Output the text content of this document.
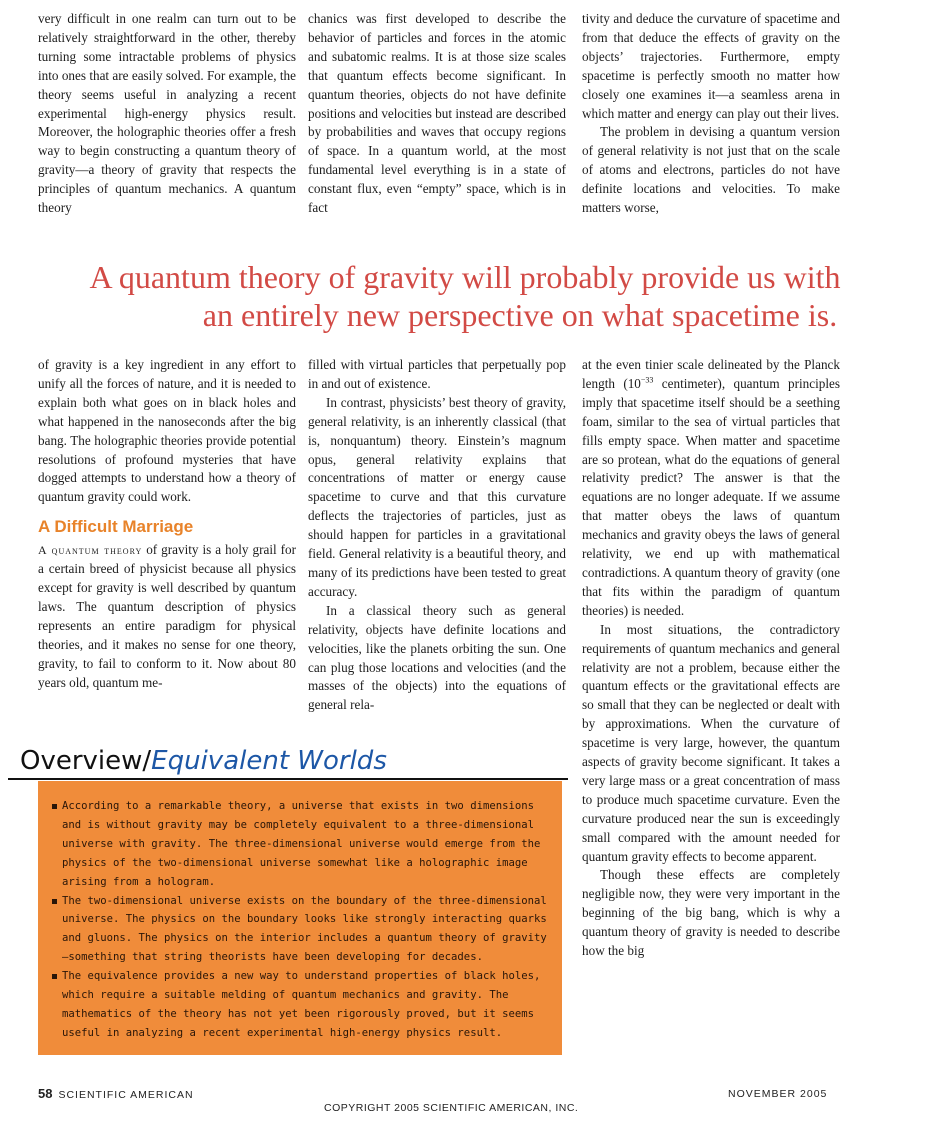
very difficult in one realm can turn out to be relatively straightforward in the other, thereby turning some intractable problems of physics into ones that are easily solved. For example, the theory seems useful in analyzing a recent experimental high-energy physics result. Moreover, the holographic theories offer a fresh way to begin constructing a quantum theory of gravity—a theory of gravity that respects the principles of quantum mechanics. A quantum theory

chanics was first developed to describe the behavior of particles and forces in the atomic and subatomic realms. It is at those size scales that quantum effects become significant. In quantum theories, objects do not have definite positions and velocities but instead are described by probabilities and waves that occupy regions of space. In a quantum world, at the most fundamental level everything is in a state of constant flux, even “empty” space, which is in fact

tivity and deduce the curvature of spacetime and from that deduce the effects of gravity on the objects’ trajectories. Furthermore, empty spacetime is perfectly smooth no matter how closely one examines it—a seamless arena in which matter and energy can play out their lives.

The problem in devising a quantum version of general relativity is not just that on the scale of atoms and electrons, particles do not have definite locations and velocities. To make matters worse,

A quantum theory of gravity will probably provide us with
an entirely new perspective on what spacetime is.

of gravity is a key ingredient in any effort to unify all the forces of nature, and it is needed to explain both what goes on in black holes and what happened in the nanoseconds after the big bang. The holographic theories provide potential resolutions of profound mysteries that have dogged attempts to understand how a theory of quantum gravity could work.

A Difficult Marriage

A quantum theory of gravity is a holy grail for a certain breed of physicist because all physics except for gravity is well described by quantum laws. The quantum description of physics represents an entire paradigm for physical theories, and it makes no sense for one theory, gravity, to fail to conform to it. Now about 80 years old, quantum me-

filled with virtual particles that perpetually pop in and out of existence.

In contrast, physicists’ best theory of gravity, general relativity, is an inherently classical (that is, nonquantum) theory. Einstein’s magnum opus, general relativity explains that concentrations of matter or energy cause spacetime to curve and that this curvature deflects the trajectories of particles, just as should happen for particles in a gravitational field. General relativity is a beautiful theory, and many of its predictions have been tested to great accuracy.

In a classical theory such as general relativity, objects have definite locations and velocities, like the planets orbiting the sun. One can plug those locations and velocities (and the masses of the objects) into the equations of general rela-

at the even tinier scale delineated by the Planck length ($10^{-33}$ centimeter), quantum principles imply that spacetime itself should be a seething foam, similar to the sea of virtual particles that fills empty space. When matter and spacetime are so protean, what do the equations of general relativity predict? The answer is that the equations are no longer adequate. If we assume that matter obeys the laws of quantum mechanics and gravity obeys the laws of general relativity, we end up with mathematical contradictions. A quantum theory of gravity (one that fits within the paradigm of quantum theories) is needed.

In most situations, the contradictory requirements of quantum mechanics and general relativity are not a problem, because either the quantum effects or the gravitational effects are so small that they can be neglected or dealt with by approximations. When the curvature of spacetime is very large, however, the quantum aspects of gravity become significant. It takes a very large mass or a great concentration of mass to produce much spacetime curvature. Even the curvature produced near the sun is exceedingly small compared with the amount needed for quantum gravity effects to become apparent.

Though these effects are completely negligible now, they were very important in the beginning of the big bang, which is why a quantum theory of gravity is needed to describe how the big

Overview/Equivalent Worlds
According to a remarkable theory, a universe that exists in two dimensions and is without gravity may be completely equivalent to a three-dimensional universe with gravity. The three-dimensional universe would emerge from the physics of the two-dimensional universe somewhat like a holographic image arising from a hologram.
The two-dimensional universe exists on the boundary of the three-dimensional universe. The physics on the boundary looks like strongly interacting quarks and gluons. The physics on the interior includes a quantum theory of gravity—something that string theorists have been developing for decades.
The equivalence provides a new way to understand properties of black holes, which require a suitable melding of quantum mechanics and gravity. The mathematics of the theory has not yet been rigorously proved, but it seems useful in analyzing a recent experimental high-energy physics result.
58 SCIENTIFIC AMERICAN	NOVEMBER 2005
COPYRIGHT 2005 SCIENTIFIC AMERICAN, INC.
